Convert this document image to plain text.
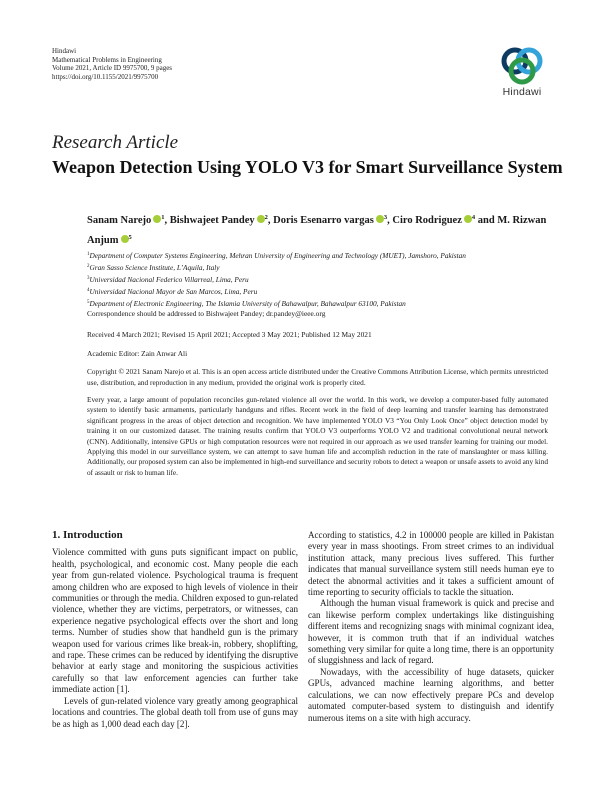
Hindawi
Mathematical Problems in Engineering
Volume 2021, Article ID 9975700, 9 pages
https://doi.org/10.1155/2021/9975700
Hindawi
Research Article
Weapon Detection Using YOLO V3 for Smart Surveillance System
Sanam Narejo $^1$, Bishwajeet Pandey $^2$, Doris Esenarro vargas $^3$, Ciro Rodriguez $^4$ and M. Rizwan Anjum $^5$
$^1$Department of Computer Systems Engineering, Mehran University of Engineering and Technology (MUET), Jamshoro, Pakistan
$^2$Gran Sasso Science Institute, L’Aquila, Italy
$^3$Universidad Nacional Federico Villarreal, Lima, Peru
$^4$Universidad Nacional Mayor de San Marcos, Lima, Peru
$^5$Department of Electronic Engineering, The Islamia University of Bahawalpur, Bahawalpur 63100, Pakistan
Correspondence should be addressed to Bishwajeet Pandey; dr.pandey@ieee.org
Received 4 March 2021; Revised 15 April 2021; Accepted 3 May 2021; Published 12 May 2021
Academic Editor: Zain Anwar Ali
Copyright © 2021 Sanam Narejo et al. This is an open access article distributed under the Creative Commons Attribution License, which permits unrestricted use, distribution, and reproduction in any medium, provided the original work is properly cited.
Every year, a large amount of population reconciles gun-related violence all over the world. In this work, we develop a computer-based fully automated system to identify basic armaments, particularly handguns and rifles. Recent work in the field of deep learning and transfer learning has demonstrated significant progress in the areas of object detection and recognition. We have implemented YOLO V3 “You Only Look Once” object detection model by training it on our customized dataset. The training results confirm that YOLO V3 outperforms YOLO V2 and traditional convolutional neural network (CNN). Additionally, intensive GPUs or high computation resources were not required in our approach as we used transfer learning for training our model. Applying this model in our surveillance system, we can attempt to save human life and accomplish reduction in the rate of manslaughter or mass killing. Additionally, our proposed system can also be implemented in high-end surveillance and security robots to detect a weapon or unsafe assets to avoid any kind of assault or risk to human life.
1. Introduction

Violence committed with guns puts significant impact on public, health, psychological, and economic cost. Many people die each year from gun-related violence. Psychological trauma is frequent among children who are exposed to high levels of violence in their communities or through the media. Children exposed to gun-related violence, whether they are victims, perpetrators, or witnesses, can experience negative psychological effects over the short and long terms. Number of studies show that handheld gun is the primary weapon used for various crimes like break-in, robbery, shoplifting, and rape. These crimes can be reduced by identifying the disruptive behavior at early stage and monitoring the suspicious activities carefully so that law enforcement agencies can further take immediate action [1].

Levels of gun-related violence vary greatly among geographical locations and countries. The global death toll from use of guns may be as high as 1,000 dead each day [2].

According to statistics, 4.2 in 100000 people are killed in Pakistan every year in mass shootings. From street crimes to an individual institution attack, many precious lives suffered. This further indicates that manual surveillance system still needs human eye to detect the abnormal activities and it takes a sufficient amount of time reporting to security officials to tackle the situation.

Although the human visual framework is quick and precise and can likewise perform complex undertakings like distinguishing different items and recognizing snags with minimal cognizant idea, however, it is common truth that if an individual watches something very similar for quite a long time, there is an opportunity of sluggishness and lack of regard.

Nowadays, with the accessibility of huge datasets, quicker GPUs, advanced machine learning algorithms, and better calculations, we can now effectively prepare PCs and develop automated computer-based system to distinguish and identify numerous items on a site with high accuracy.
